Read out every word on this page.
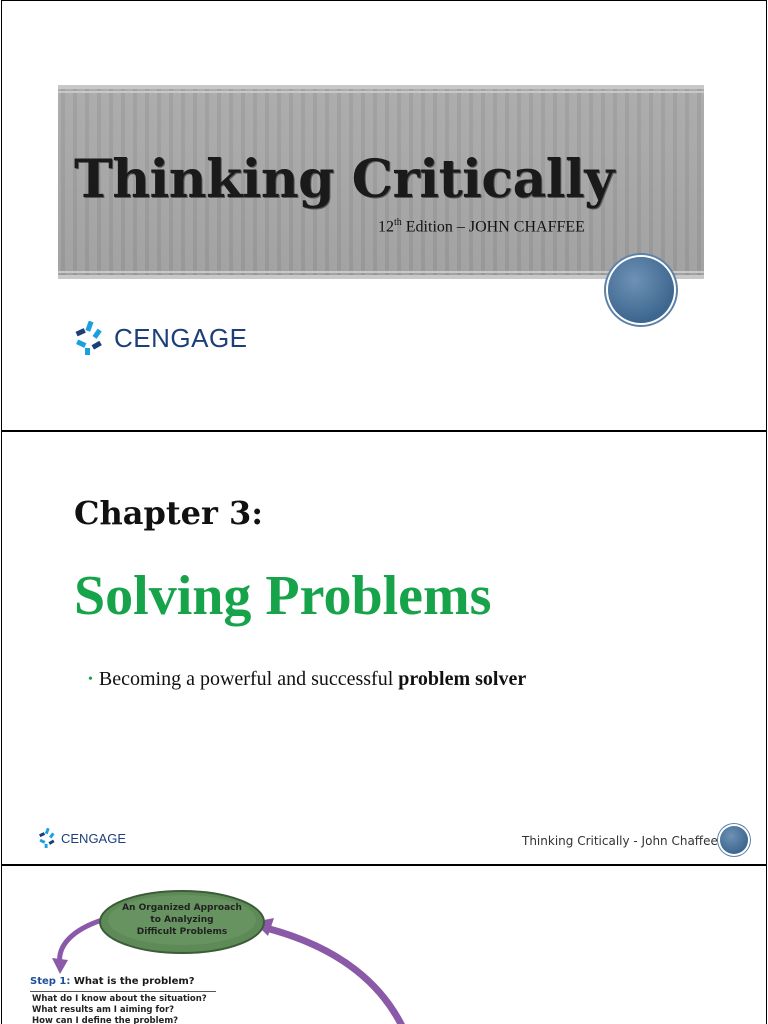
Thinking Critically

12th Edition – JOHN CHAFFEE

CENGAGE
Chapter 3:
Solving Problems

• Becoming a powerful and successful problem solver

Thinking Critically - John Chaffee

CENGAGE

An Organized Approach
to Analyzing
Difficult Problems

Step 1: What is the problem?

What do I know about the situation?

What results am I aiming for?

How can I define the problem?
